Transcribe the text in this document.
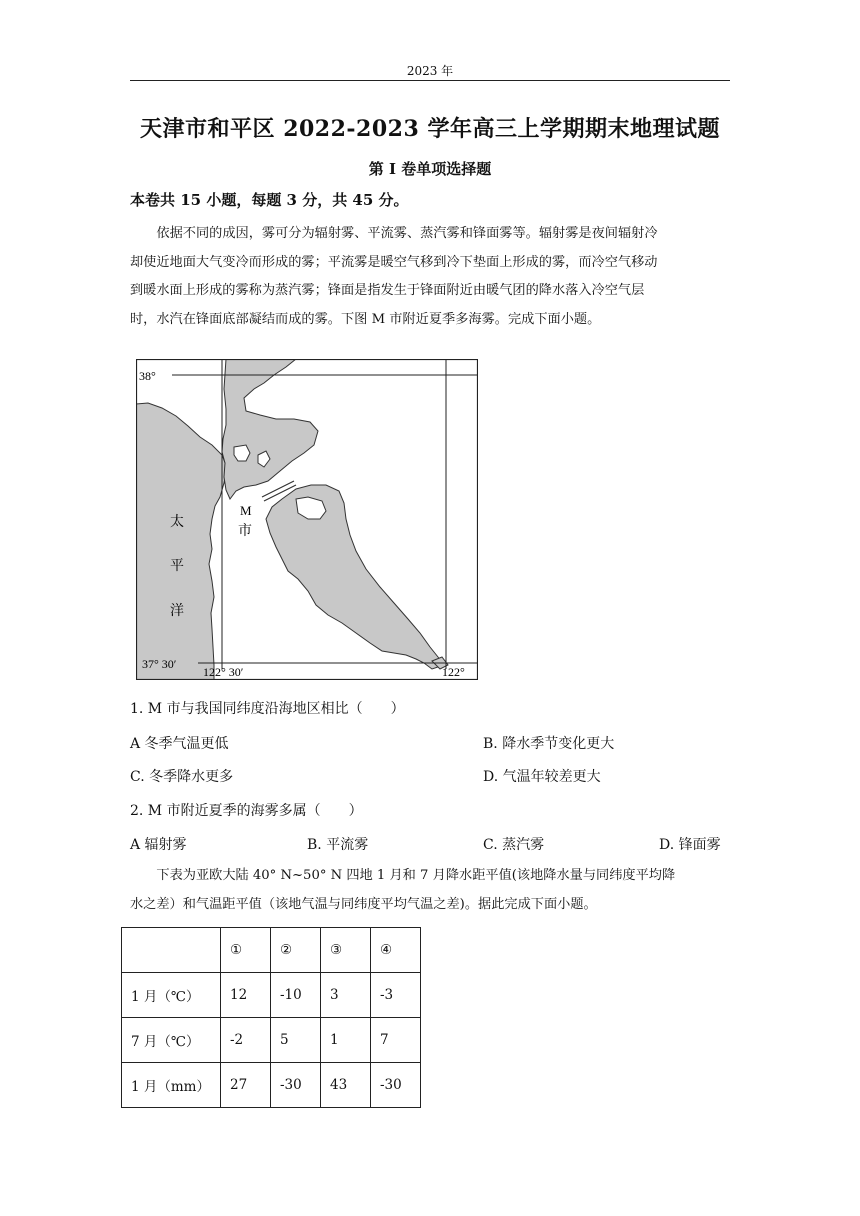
2023 年
天津市和平区 2022-2023 学年高三上学期期末地理试题
第 I 卷单项选择题
本卷共 15 小题，每题 3 分，共 45 分。
依据不同的成因，雾可分为辐射雾、平流雾、蒸汽雾和锋面雾等。辐射雾是夜间辐射冷
却使近地面大气变冷而形成的雾；平流雾是暖空气移到冷下垫面上形成的雾，而冷空气移动
到暖水面上形成的雾称为蒸汽雾；锋面是指发生于锋面附近由暖气团的降水落入冷空气层
时，水汽在锋面底部凝结而成的雾。下图 M 市附近夏季多海雾。完成下面小题。
38°
37° 30′
122° 30′	122°
M
市
太
平
洋
1. M 市与我国同纬度沿海地区相比（　　）
A 冬季气温更低	B. 降水季节变化更大
C. 冬季降水更多	D. 气温年较差更大
2. M 市附近夏季的海雾多属（　　）
A 辐射雾	B. 平流雾	C. 蒸汽雾	D. 锋面雾
下表为亚欧大陆 40° N~50° N 四地 1 月和 7 月降水距平值(该地降水量与同纬度平均降
水之差）和气温距平值（该地气温与同纬度平均气温之差)。据此完成下面小题。
	①	②	③	④
1 月（℃）	12	-10	3	-3
7 月（℃）	-2	5	1	7
1 月（mm）	27	-30	43	-30
